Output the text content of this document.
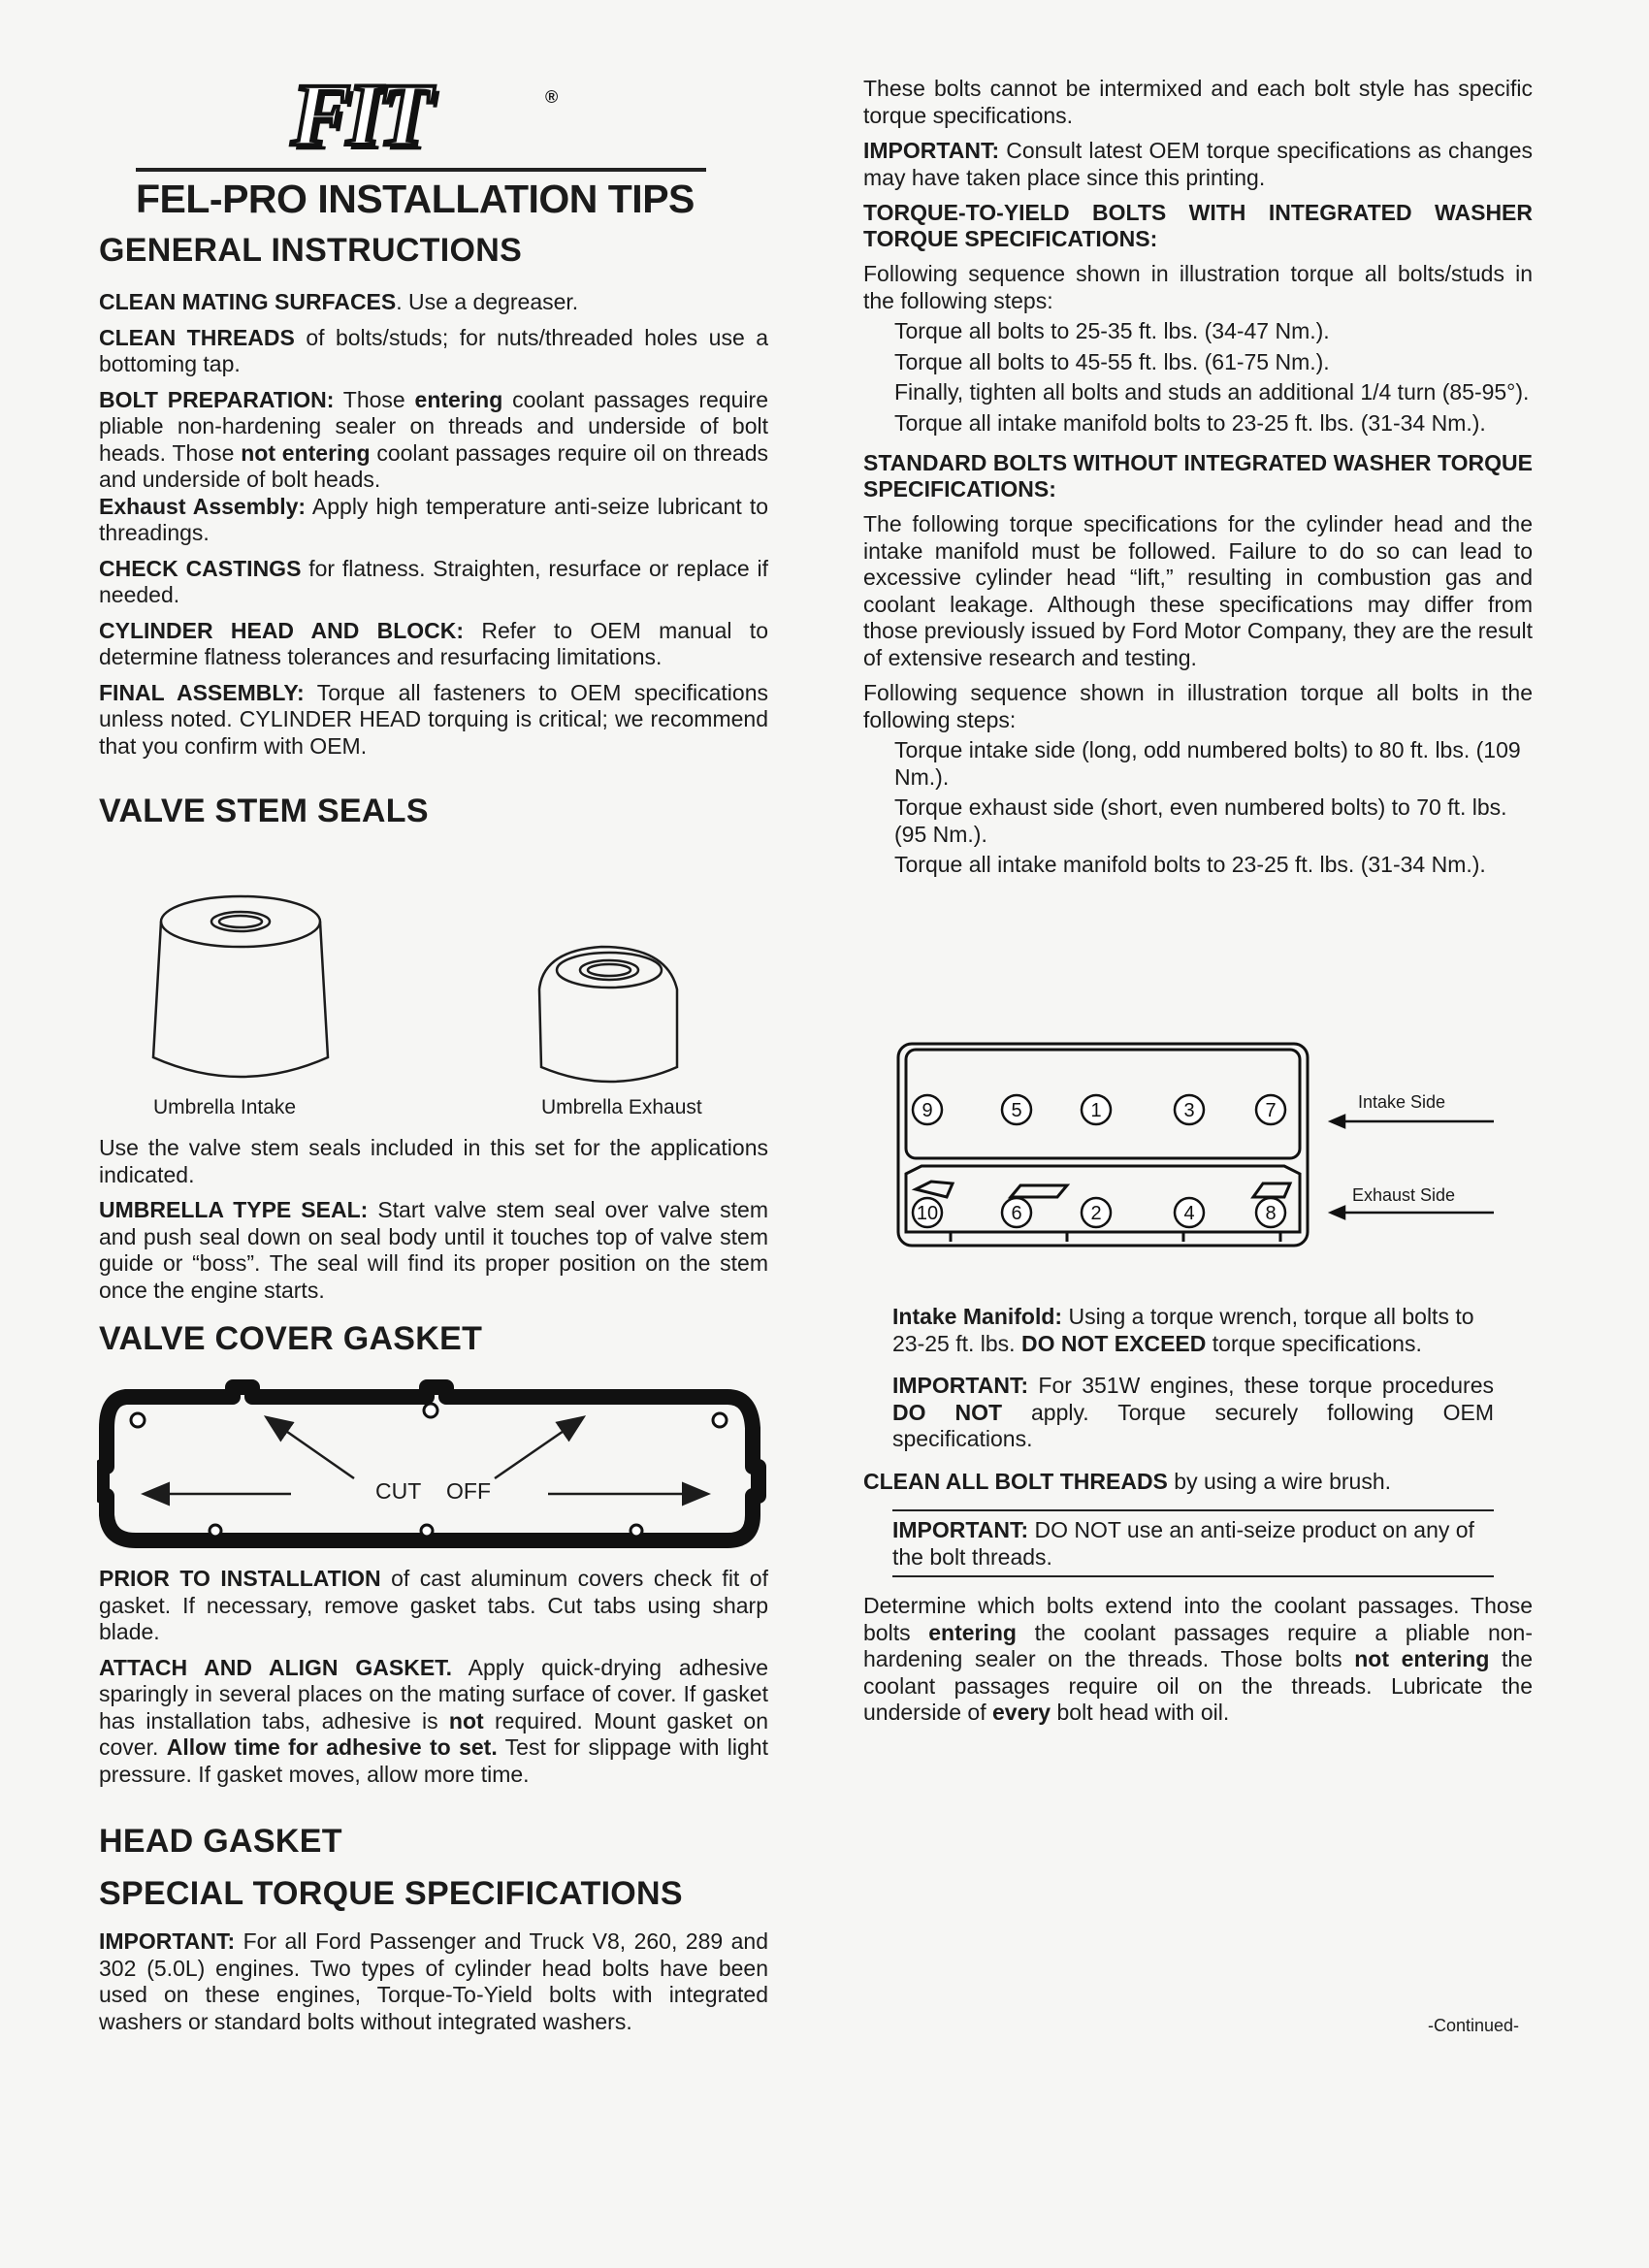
FIT	®
FEL-PRO INSTALLATION TIPS
GENERAL INSTRUCTIONS

CLEAN MATING SURFACES. Use a degreaser.

CLEAN THREADS of bolts/studs; for nuts/threaded holes use a bottoming tap.

BOLT PREPARATION: Those entering coolant passages require pliable non-hardening sealer on threads and underside of bolt heads. Those not entering coolant passages require oil on threads and underside of bolt heads.

Exhaust Assembly: Apply high temperature anti-seize lubricant to threadings.

CHECK CASTINGS for flatness. Straighten, resurface or replace if needed.

CYLINDER HEAD AND BLOCK: Refer to OEM manual to determine flatness tolerances and resurfacing limitations.

FINAL ASSEMBLY: Torque all fasteners to OEM specifications unless noted. CYLINDER HEAD torquing is critical; we recommend that you confirm with OEM.

VALVE STEM SEALS
Umbrella Intake	Umbrella Exhaust

Use the valve stem seals included in this set for the applications indicated.

UMBRELLA TYPE SEAL: Start valve stem seal over valve stem and push seal down on seal body until it touches top of valve stem guide or “boss”. The seal will find its proper position on the stem once the engine starts.

VALVE COVER GASKET
CUT OFF

PRIOR TO INSTALLATION of cast aluminum covers check fit of gasket. If necessary, remove gasket tabs. Cut tabs using sharp blade.

ATTACH AND ALIGN GASKET. Apply quick-drying adhesive sparingly in several places on the mating surface of cover. If gasket has installation tabs, adhesive is not required. Mount gasket on cover. Allow time for adhesive to set. Test for slippage with light pressure. If gasket moves, allow more time.

HEAD GASKET
SPECIAL TORQUE SPECIFICATIONS

IMPORTANT: For all Ford Passenger and Truck V8, 260, 289 and 302 (5.0L) engines. Two types of cylinder head bolts have been used on these engines, Torque-To-Yield bolts with integrated washers or standard bolts without integrated washers.

These bolts cannot be intermixed and each bolt style has specific torque specifications.

IMPORTANT: Consult latest OEM torque specifications as changes may have taken place since this printing.

TORQUE-TO-YIELD BOLTS WITH INTEGRATED WASHER TORQUE SPECIFICATIONS:

Following sequence shown in illustration torque all bolts/studs in the following steps:

Torque all bolts to 25-35 ft. lbs. (34-47 Nm.).

Torque all bolts to 45-55 ft. lbs. (61-75 Nm.).

Finally, tighten all bolts and studs an additional 1/4 turn (85-95°).

Torque all intake manifold bolts to 23-25 ft. lbs. (31-34 Nm.).

STANDARD BOLTS WITHOUT INTEGRATED WASHER TORQUE SPECIFICATIONS:

The following torque specifications for the cylinder head and the intake manifold must be followed. Failure to do so can lead to excessive cylinder head “lift,” resulting in combustion gas and coolant leakage. Although these specifications may differ from those previously issued by Ford Motor Company, they are the result of extensive research and testing.

Following sequence shown in illustration torque all bolts in the following steps:

Torque intake side (long, odd numbered bolts) to 80 ft. lbs. (109 Nm.).

Torque exhaust side (short, even numbered bolts) to 70 ft. lbs. (95 Nm.).

Torque all intake manifold bolts to 23-25 ft. lbs. (31-34 Nm.).

9	5	1	3	7
10	6	2	4	8
Intake Side
Exhaust Side

Intake Manifold: Using a torque wrench, torque all bolts to 23-25 ft. lbs. DO NOT EXCEED torque specifications.

IMPORTANT: For 351W engines, these torque procedures DO NOT apply. Torque securely following OEM specifications.

CLEAN ALL BOLT THREADS by using a wire brush.

IMPORTANT: DO NOT use an anti-seize product on any of the bolt threads.

Determine which bolts extend into the coolant passages. Those bolts entering the coolant passages require a pliable non-hardening sealer on the threads. Those bolts not entering the coolant passages require oil on the threads. Lubricate the underside of every bolt head with oil.

-Continued-
